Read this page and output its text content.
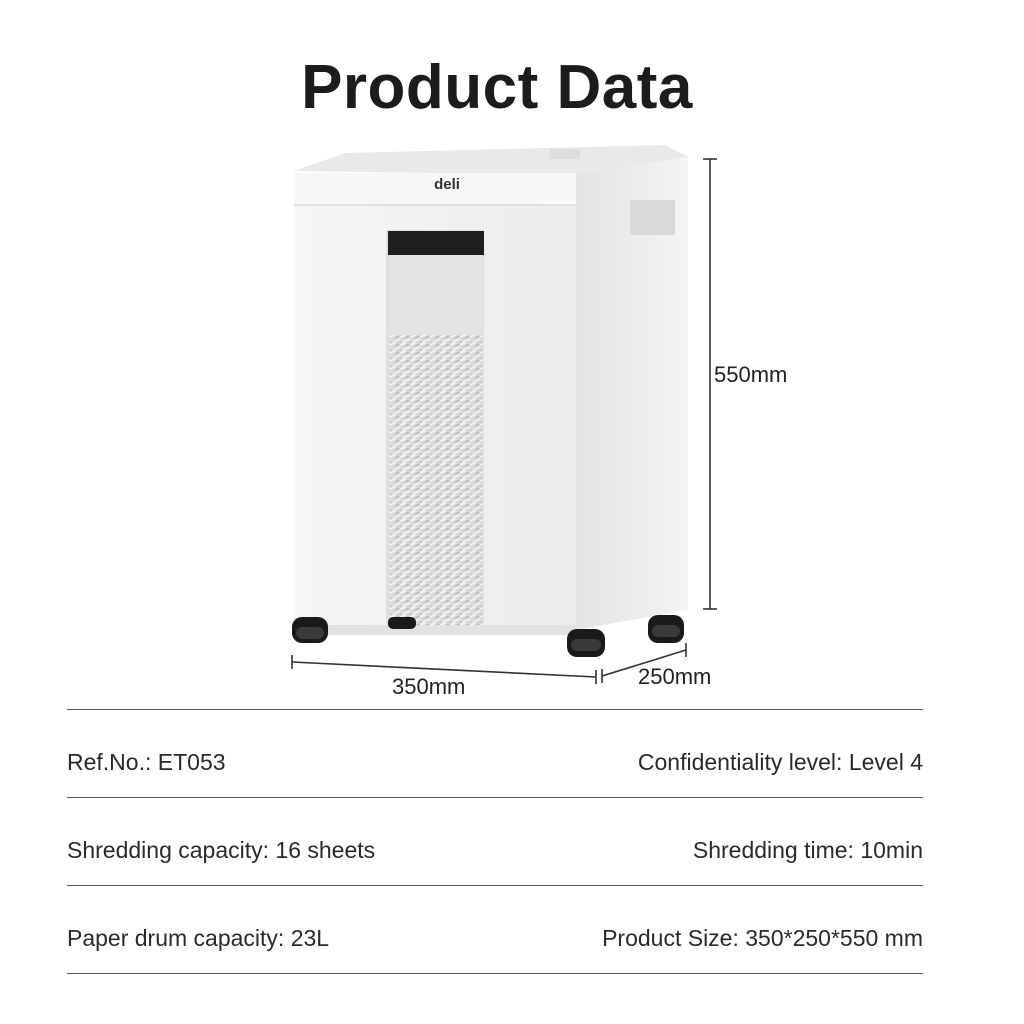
Product Data
deli
550mm
350mm	250mm
Ref.No.: ET053	Confidentiality level: Level 4
Shredding capacity: 16 sheets	Shredding time: 10min
Paper drum capacity: 23L	Product Size: 350*250*550 mm
